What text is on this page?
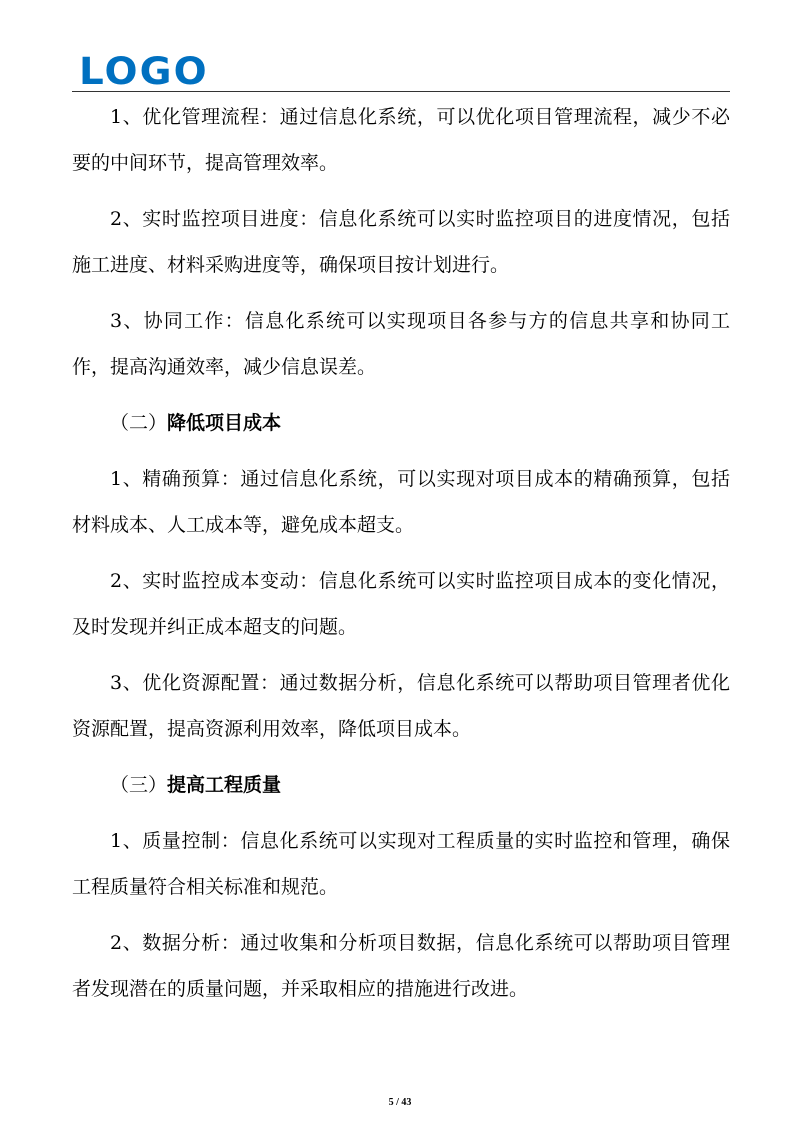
LOGO

1、优化管理流程：通过信息化系统，可以优化项目管理流程，减少不必要的中间环节，提高管理效率。

2、实时监控项目进度：信息化系统可以实时监控项目的进度情况，包括施工进度、材料采购进度等，确保项目按计划进行。

3、协同工作：信息化系统可以实现项目各参与方的信息共享和协同工作，提高沟通效率，减少信息误差。

（二）降低项目成本

1、精确预算：通过信息化系统，可以实现对项目成本的精确预算，包括材料成本、人工成本等，避免成本超支。

2、实时监控成本变动：信息化系统可以实时监控项目成本的变化情况，及时发现并纠正成本超支的问题。

3、优化资源配置：通过数据分析，信息化系统可以帮助项目管理者优化资源配置，提高资源利用效率，降低项目成本。

（三）提高工程质量

1、质量控制：信息化系统可以实现对工程质量的实时监控和管理，确保工程质量符合相关标准和规范。

2、数据分析：通过收集和分析项目数据，信息化系统可以帮助项目管理者发现潜在的质量问题，并采取相应的措施进行改进。

5 / 43
